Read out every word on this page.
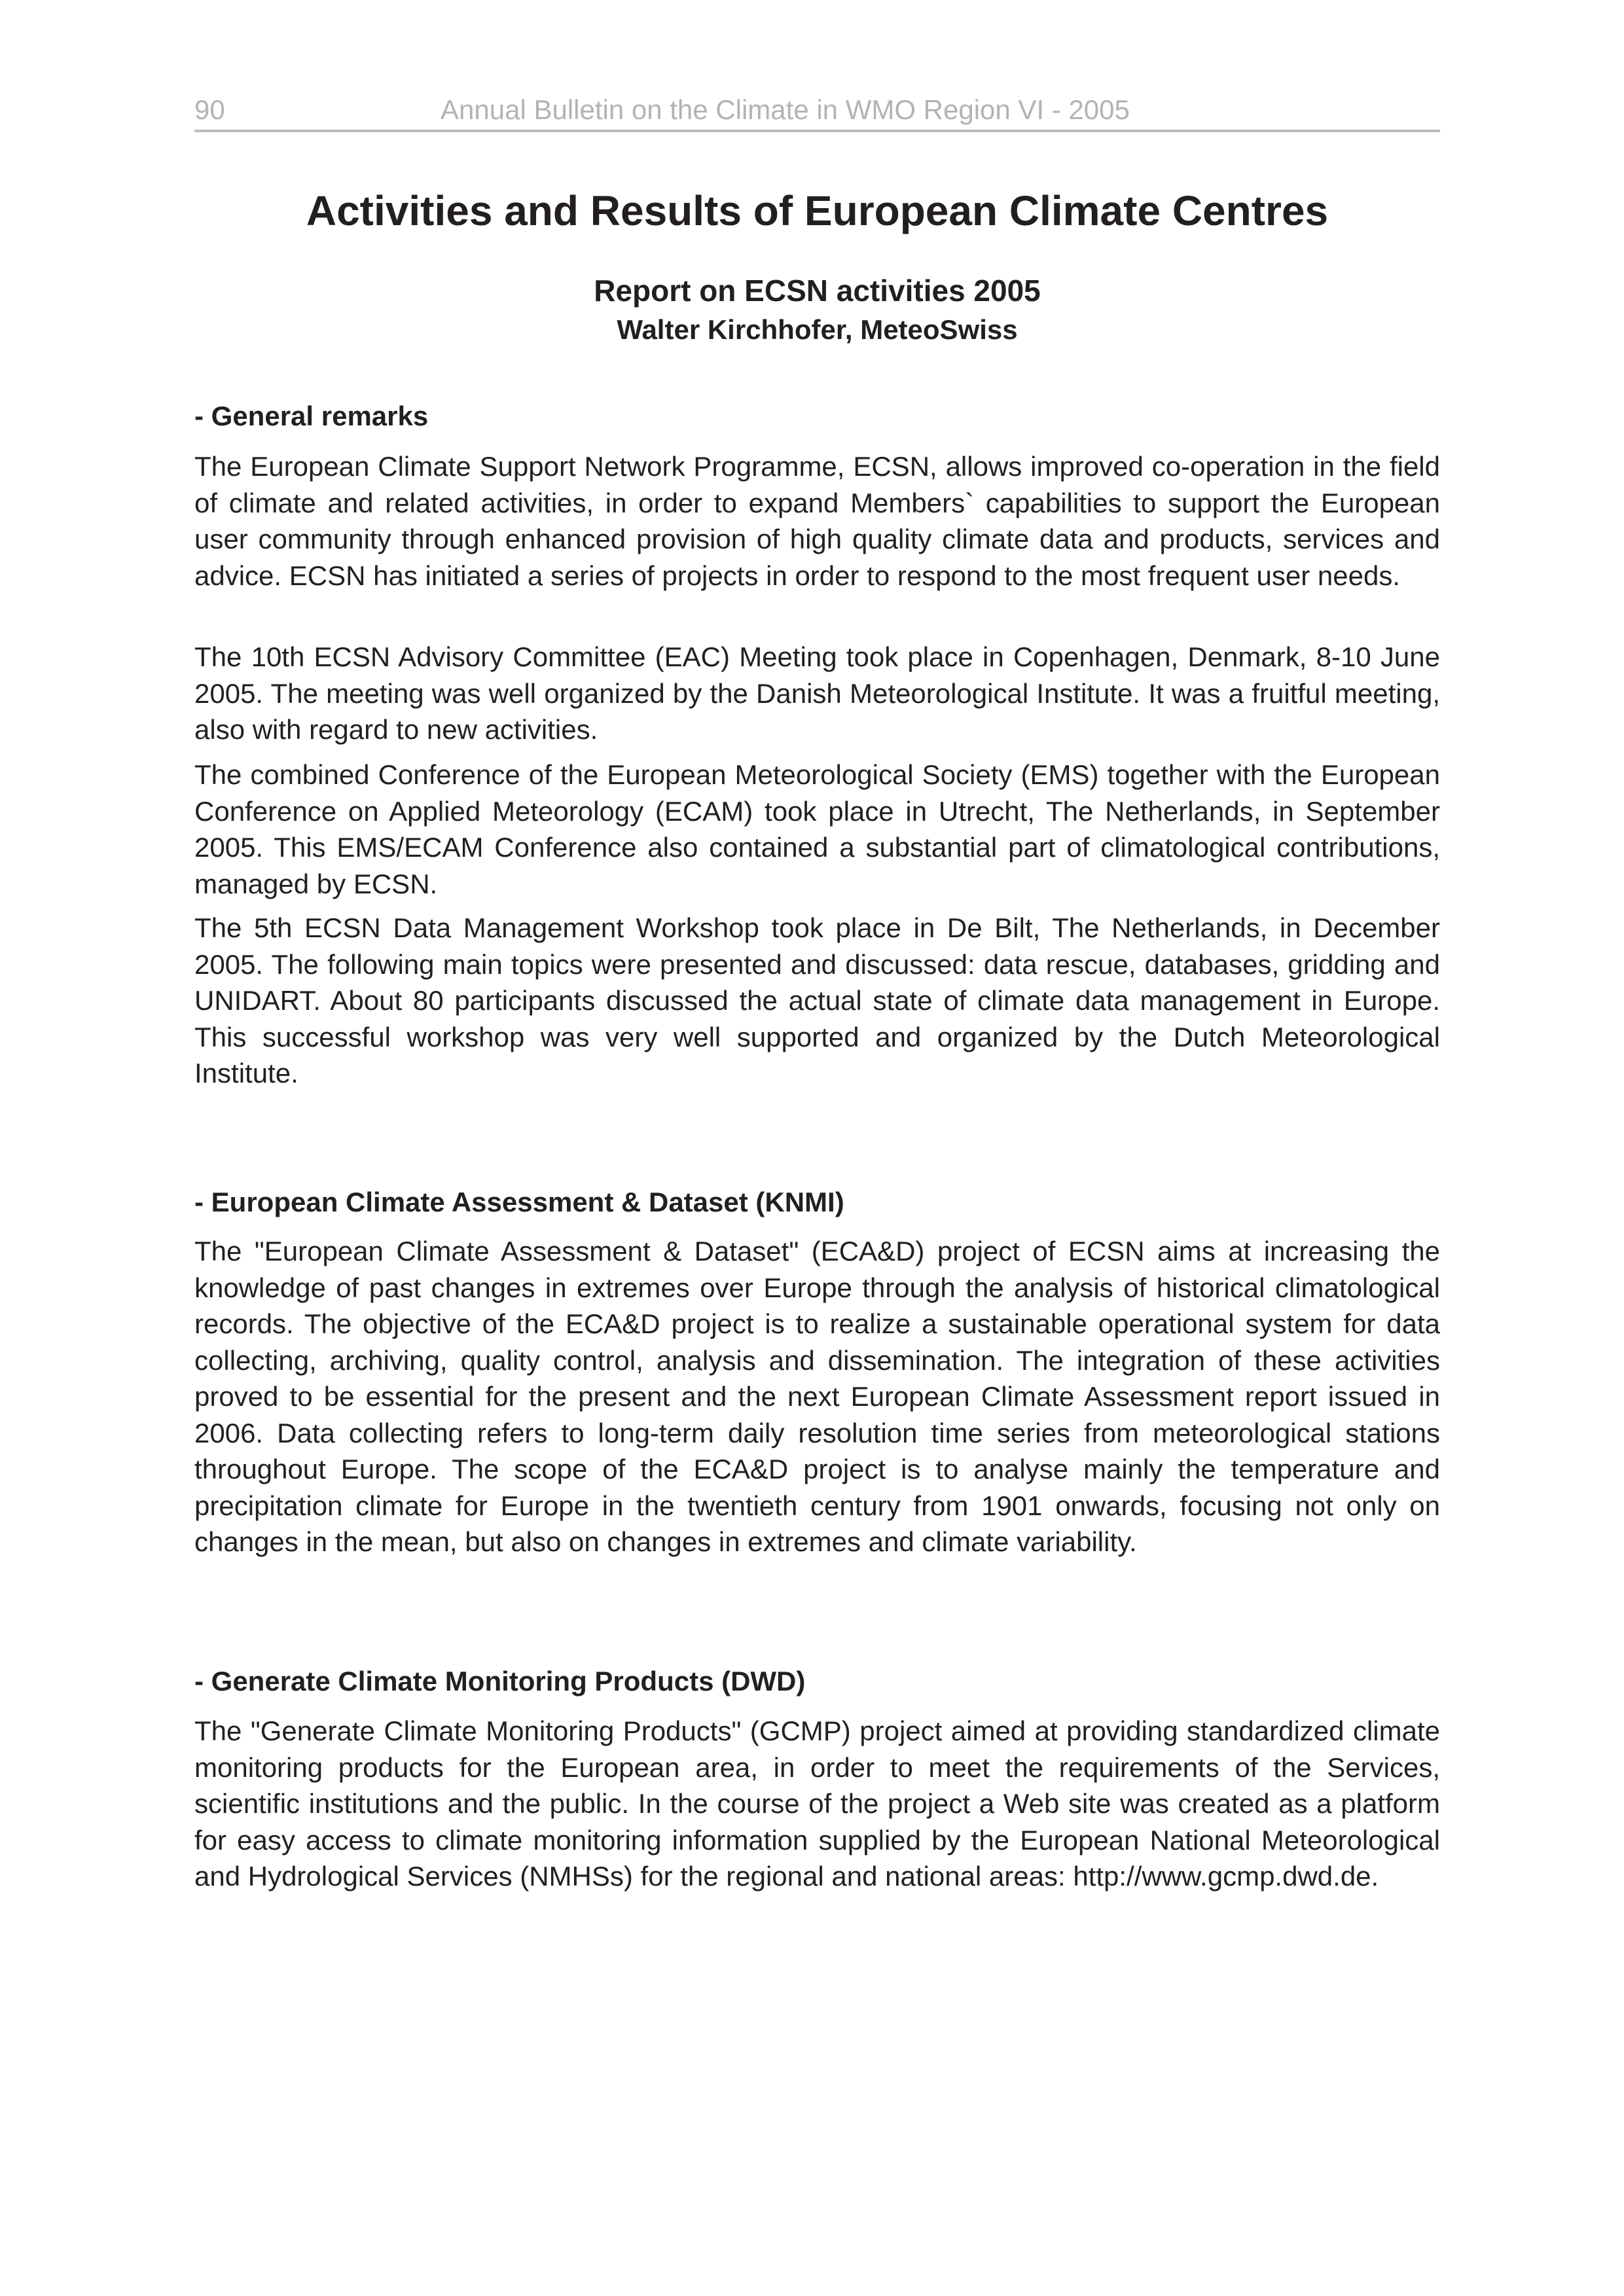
90	Annual Bulletin on the Climate in WMO Region VI - 2005
Activities and Results of European Climate Centres
Report on ECSN activities 2005

Walter Kirchhofer, MeteoSwiss

- General remarks

The European Climate Support Network Programme, ECSN, allows improved co-operation in the field of climate and related activities, in order to expand Members` capabilities to support the European user community through enhanced provision of high quality climate data and products, services and advice. ECSN has initiated a series of projects in order to respond to the most frequent user needs.

The 10th ECSN Advisory Committee (EAC) Meeting took place in Copenhagen, Denmark, 8-10 June 2005. The meeting was well organized by the Danish Meteorological Institute. It was a fruitful meeting, also with regard to new activities.

The combined Conference of the European Meteorological Society (EMS) together with the European Conference on Applied Meteorology (ECAM) took place in Utrecht, The Netherlands, in September 2005. This EMS/ECAM Conference also contained a substantial part of climatological contributions, managed by ECSN.

The 5th ECSN Data Management Workshop took place in De Bilt, The Netherlands, in December 2005. The following main topics were presented and discussed: data rescue, databases, gridding and UNIDART. About 80 participants discussed the actual state of climate data management in Europe. This successful workshop was very well supported and organized by the Dutch Meteorological Institute.

- European Climate Assessment & Dataset (KNMI)

The "European Climate Assessment & Dataset" (ECA&D) project of ECSN aims at increasing the knowledge of past changes in extremes over Europe through the analysis of historical climatological records. The objective of the ECA&D project is to realize a sustainable operational system for data collecting, archiving, quality control, analysis and dissemination. The integration of these activities proved to be essential for the present and the next European Climate Assessment report issued in 2006. Data collecting refers to long-term daily resolution time series from meteorological stations throughout Europe. The scope of the ECA&D project is to analyse mainly the temperature and precipitation climate for Europe in the twentieth century from 1901 onwards, focusing not only on changes in the mean, but also on changes in extremes and climate variability.

- Generate Climate Monitoring Products (DWD)

The "Generate Climate Monitoring Products" (GCMP) project aimed at providing standardized climate monitoring products for the European area, in order to meet the requirements of the Services, scientific institutions and the public. In the course of the project a Web site was created as a platform for easy access to climate monitoring information supplied by the European National Meteorological and Hydrological Services (NMHSs) for the regional and national areas: http://www.gcmp.dwd.de.
